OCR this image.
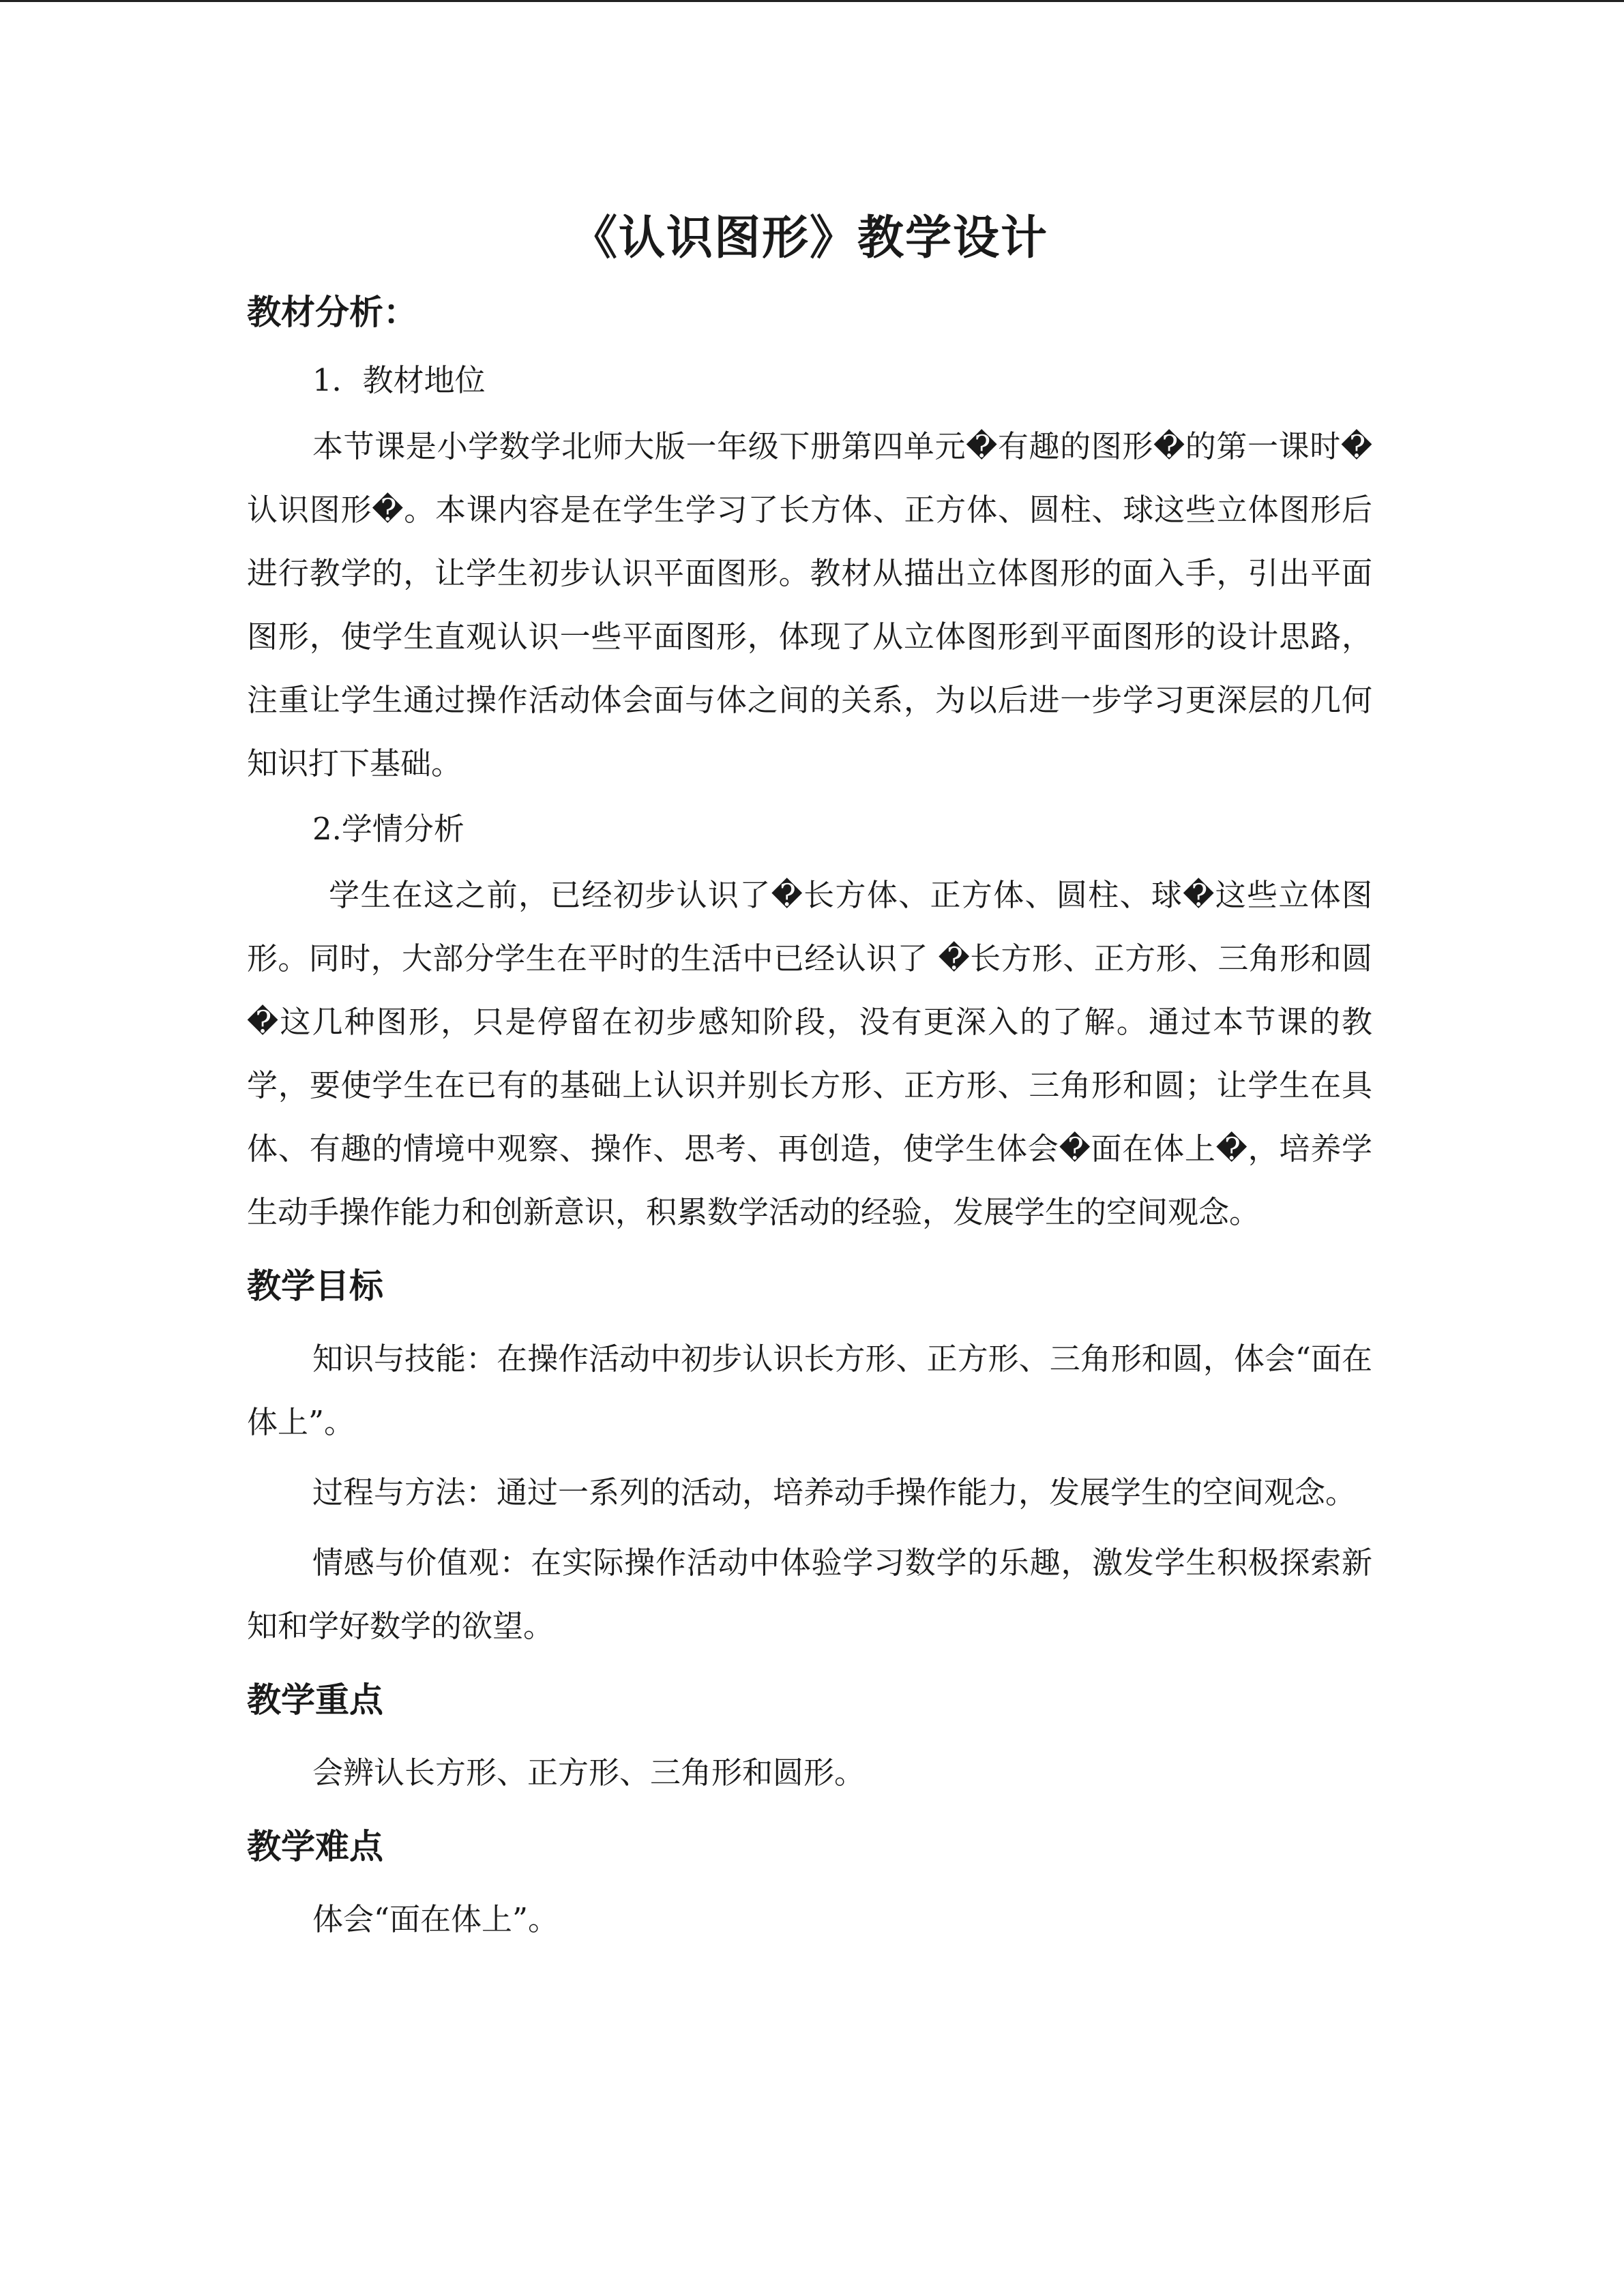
《认识图形》教学设计
教材分析：

1．教材地位

本节课是小学数学北师大版一年级下册第四单元�有趣的图形�的第一课时�认识图形�。本课内容是在学生学习了长方体、正方体、圆柱、球这些立体图形后进行教学的，让学生初步认识平面图形。教材从描出立体图形的面入手，引出平面图形，使学生直观认识一些平面图形，体现了从立体图形到平面图形的设计思路，注重让学生通过操作活动体会面与体之间的关系，为以后进一步学习更深层的几何知识打下基础。

2.学情分析

学生在这之前，已经初步认识了�长方体、正方体、圆柱、球�这些立体图形。同时，大部分学生在平时的生活中已经认识了 �长方形、正方形、三角形和圆�这几种图形，只是停留在初步感知阶段，没有更深入的了解。通过本节课的教学，要使学生在已有的基础上认识并别长方形、正方形、三角形和圆；让学生在具体、有趣的情境中观察、操作、思考、再创造，使学生体会�面在体上�，培养学生动手操作能力和创新意识，积累数学活动的经验，发展学生的空间观念。

教学目标

知识与技能：在操作活动中初步认识长方形、正方形、三角形和圆，体会“面在体上”。

过程与方法：通过一系列的活动，培养动手操作能力，发展学生的空间观念。

情感与价值观：在实际操作活动中体验学习数学的乐趣，激发学生积极探索新知和学好数学的欲望。

教学重点

会辨认长方形、正方形、三角形和圆形。

教学难点

体会“面在体上”。
